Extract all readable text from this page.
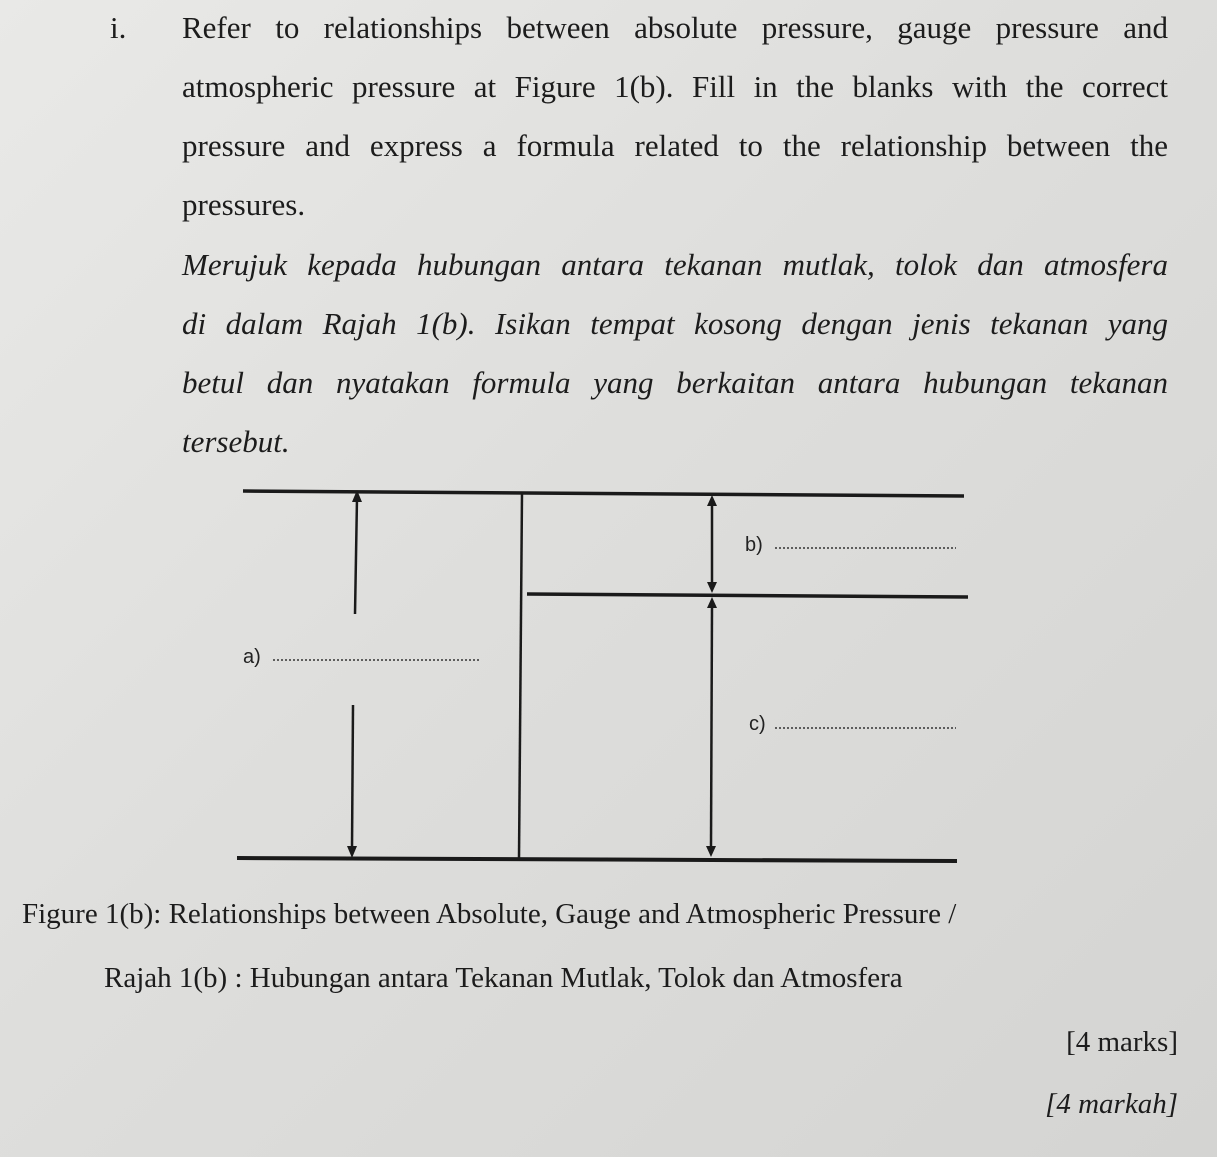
i. Refer to relationships between absolute pressure, gauge pressure and
atmospheric pressure at Figure 1(b). Fill in the blanks with the correct
pressure and express a formula related to the relationship between the
pressures.
Merujuk kepada hubungan antara tekanan mutlak, tolok dan atmosfera
di dalam Rajah 1(b). Isikan tempat kosong dengan jenis tekanan yang
betul dan nyatakan formula yang berkaitan antara hubungan tekanan
tersebut.
b)
a)
c)
Figure 1(b): Relationships between Absolute, Gauge and Atmospheric Pressure /
Rajah 1(b) : Hubungan antara Tekanan Mutlak, Tolok dan Atmosfera
[4 marks]
[4 markah]
